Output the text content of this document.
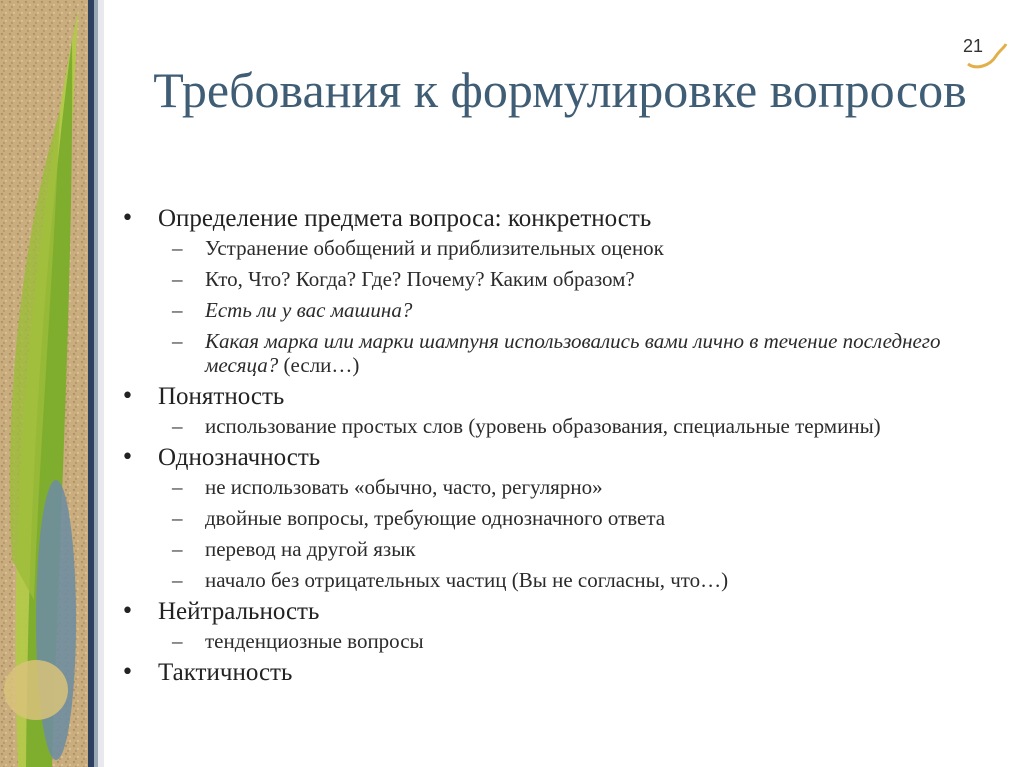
21
Требования к формулировке вопросов
• Определение предмета вопроса: конкретность
– Устранение обобщений и приблизительных оценок
– Кто, Что? Когда? Где? Почему? Каким образом?
– Есть ли у вас машина?
– Какая марка или марки шампуня использовались вами лично в течение последнего месяца? (если…)
• Понятность
– использование простых слов (уровень образования, специальные термины)
• Однозначность
– не использовать «обычно, часто, регулярно»
– двойные вопросы, требующие однозначного ответа
– перевод на другой язык
– начало без отрицательных частиц (Вы не согласны, что…)
• Нейтральность
– тенденциозные вопросы
• Тактичность
